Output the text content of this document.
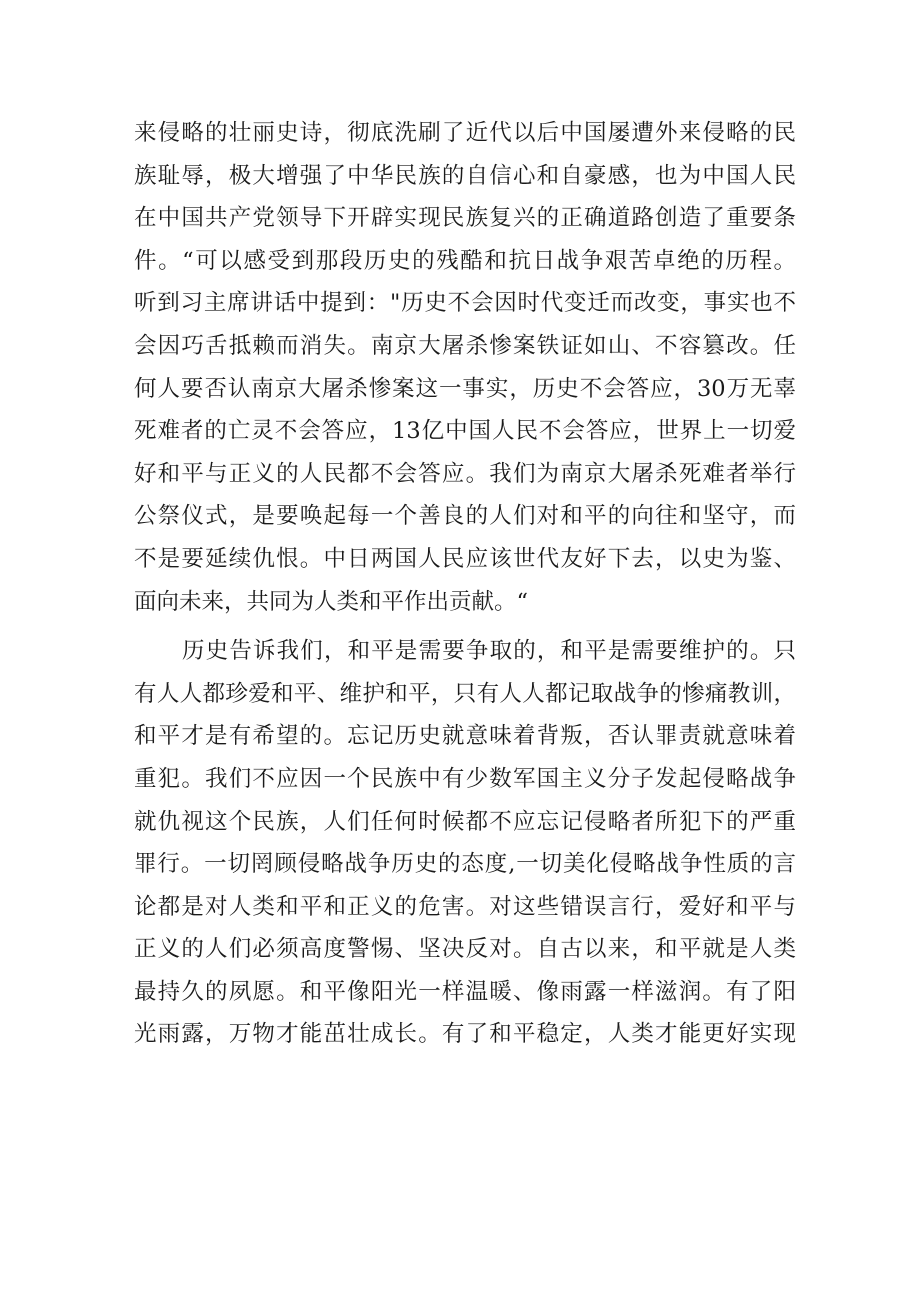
来侵略的壮丽史诗，彻底洗刷了近代以后中国屡遭外来侵略的民
族耻辱，极大增强了中华民族的自信心和自豪感，也为中国人民
在中国共产党领导下开辟实现民族复兴的正确道路创造了重要条
件。“可以感受到那段历史的残酷和抗日战争艰苦卓绝的历程。
听到习主席讲话中提到："历史不会因时代变迁而改变，事实也不
会因巧舌抵赖而消失。南京大屠杀惨案铁证如山、不容篡改。任
何人要否认南京大屠杀惨案这一事实，历史不会答应，30万无辜
死难者的亡灵不会答应，13亿中国人民不会答应，世界上一切爱
好和平与正义的人民都不会答应。我们为南京大屠杀死难者举行
公祭仪式，是要唤起每一个善良的人们对和平的向往和坚守，而
不是要延续仇恨。中日两国人民应该世代友好下去，以史为鉴、
面向未来，共同为人类和平作出贡献。“
历史告诉我们，和平是需要争取的，和平是需要维护的。只
有人人都珍爱和平、维护和平，只有人人都记取战争的惨痛教训，
和平才是有希望的。忘记历史就意味着背叛，否认罪责就意味着
重犯。我们不应因一个民族中有少数军国主义分子发起侵略战争
就仇视这个民族，人们任何时候都不应忘记侵略者所犯下的严重
罪行。一切罔顾侵略战争历史的态度,一切美化侵略战争性质的言
论都是对人类和平和正义的危害。对这些错误言行，爱好和平与
正义的人们必须高度警惕、坚决反对。自古以来，和平就是人类
最持久的夙愿。和平像阳光一样温暖、像雨露一样滋润。有了阳
光雨露，万物才能茁壮成长。有了和平稳定，人类才能更好实现
